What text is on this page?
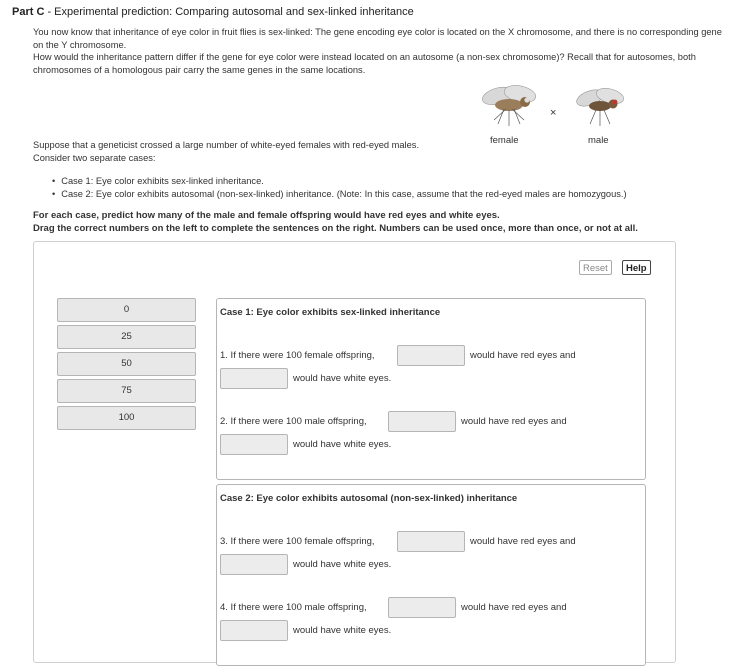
Part C - Experimental prediction: Comparing autosomal and sex-linked inheritance

You now know that inheritance of eye color in fruit flies is sex-linked: The gene encoding eye color is located on the X chromosome, and there is no corresponding gene on the Y chromosome.

How would the inheritance pattern differ if the gene for eye color were instead located on an autosome (a non-sex chromosome)? Recall that for autosomes, both chromosomes of a homologous pair carry the same genes in the same locations.

female
×
male

Suppose that a geneticist crossed a large number of white-eyed females with red-eyed males.

Consider two separate cases:

• Case 1: Eye color exhibits sex-linked inheritance.
• Case 2: Eye color exhibits autosomal (non-sex-linked) inheritance. (Note: In this case, assume that the red-eyed males are homozygous.)

For each case, predict how many of the male and female offspring would have red eyes and white eyes.

Drag the correct numbers on the left to complete the sentences on the right. Numbers can be used once, more than once, or not at all.

Reset	Help
0
25
50
75
100
Case 1: Eye color exhibits sex-linked inheritance
1. If there were 100 female offspring,	would have red eyes and
would have white eyes.
2. If there were 100 male offspring,	would have red eyes and
would have white eyes.
Case 2: Eye color exhibits autosomal (non-sex-linked) inheritance
3. If there were 100 female offspring,	would have red eyes and
would have white eyes.
4. If there were 100 male offspring,	would have red eyes and
would have white eyes.
